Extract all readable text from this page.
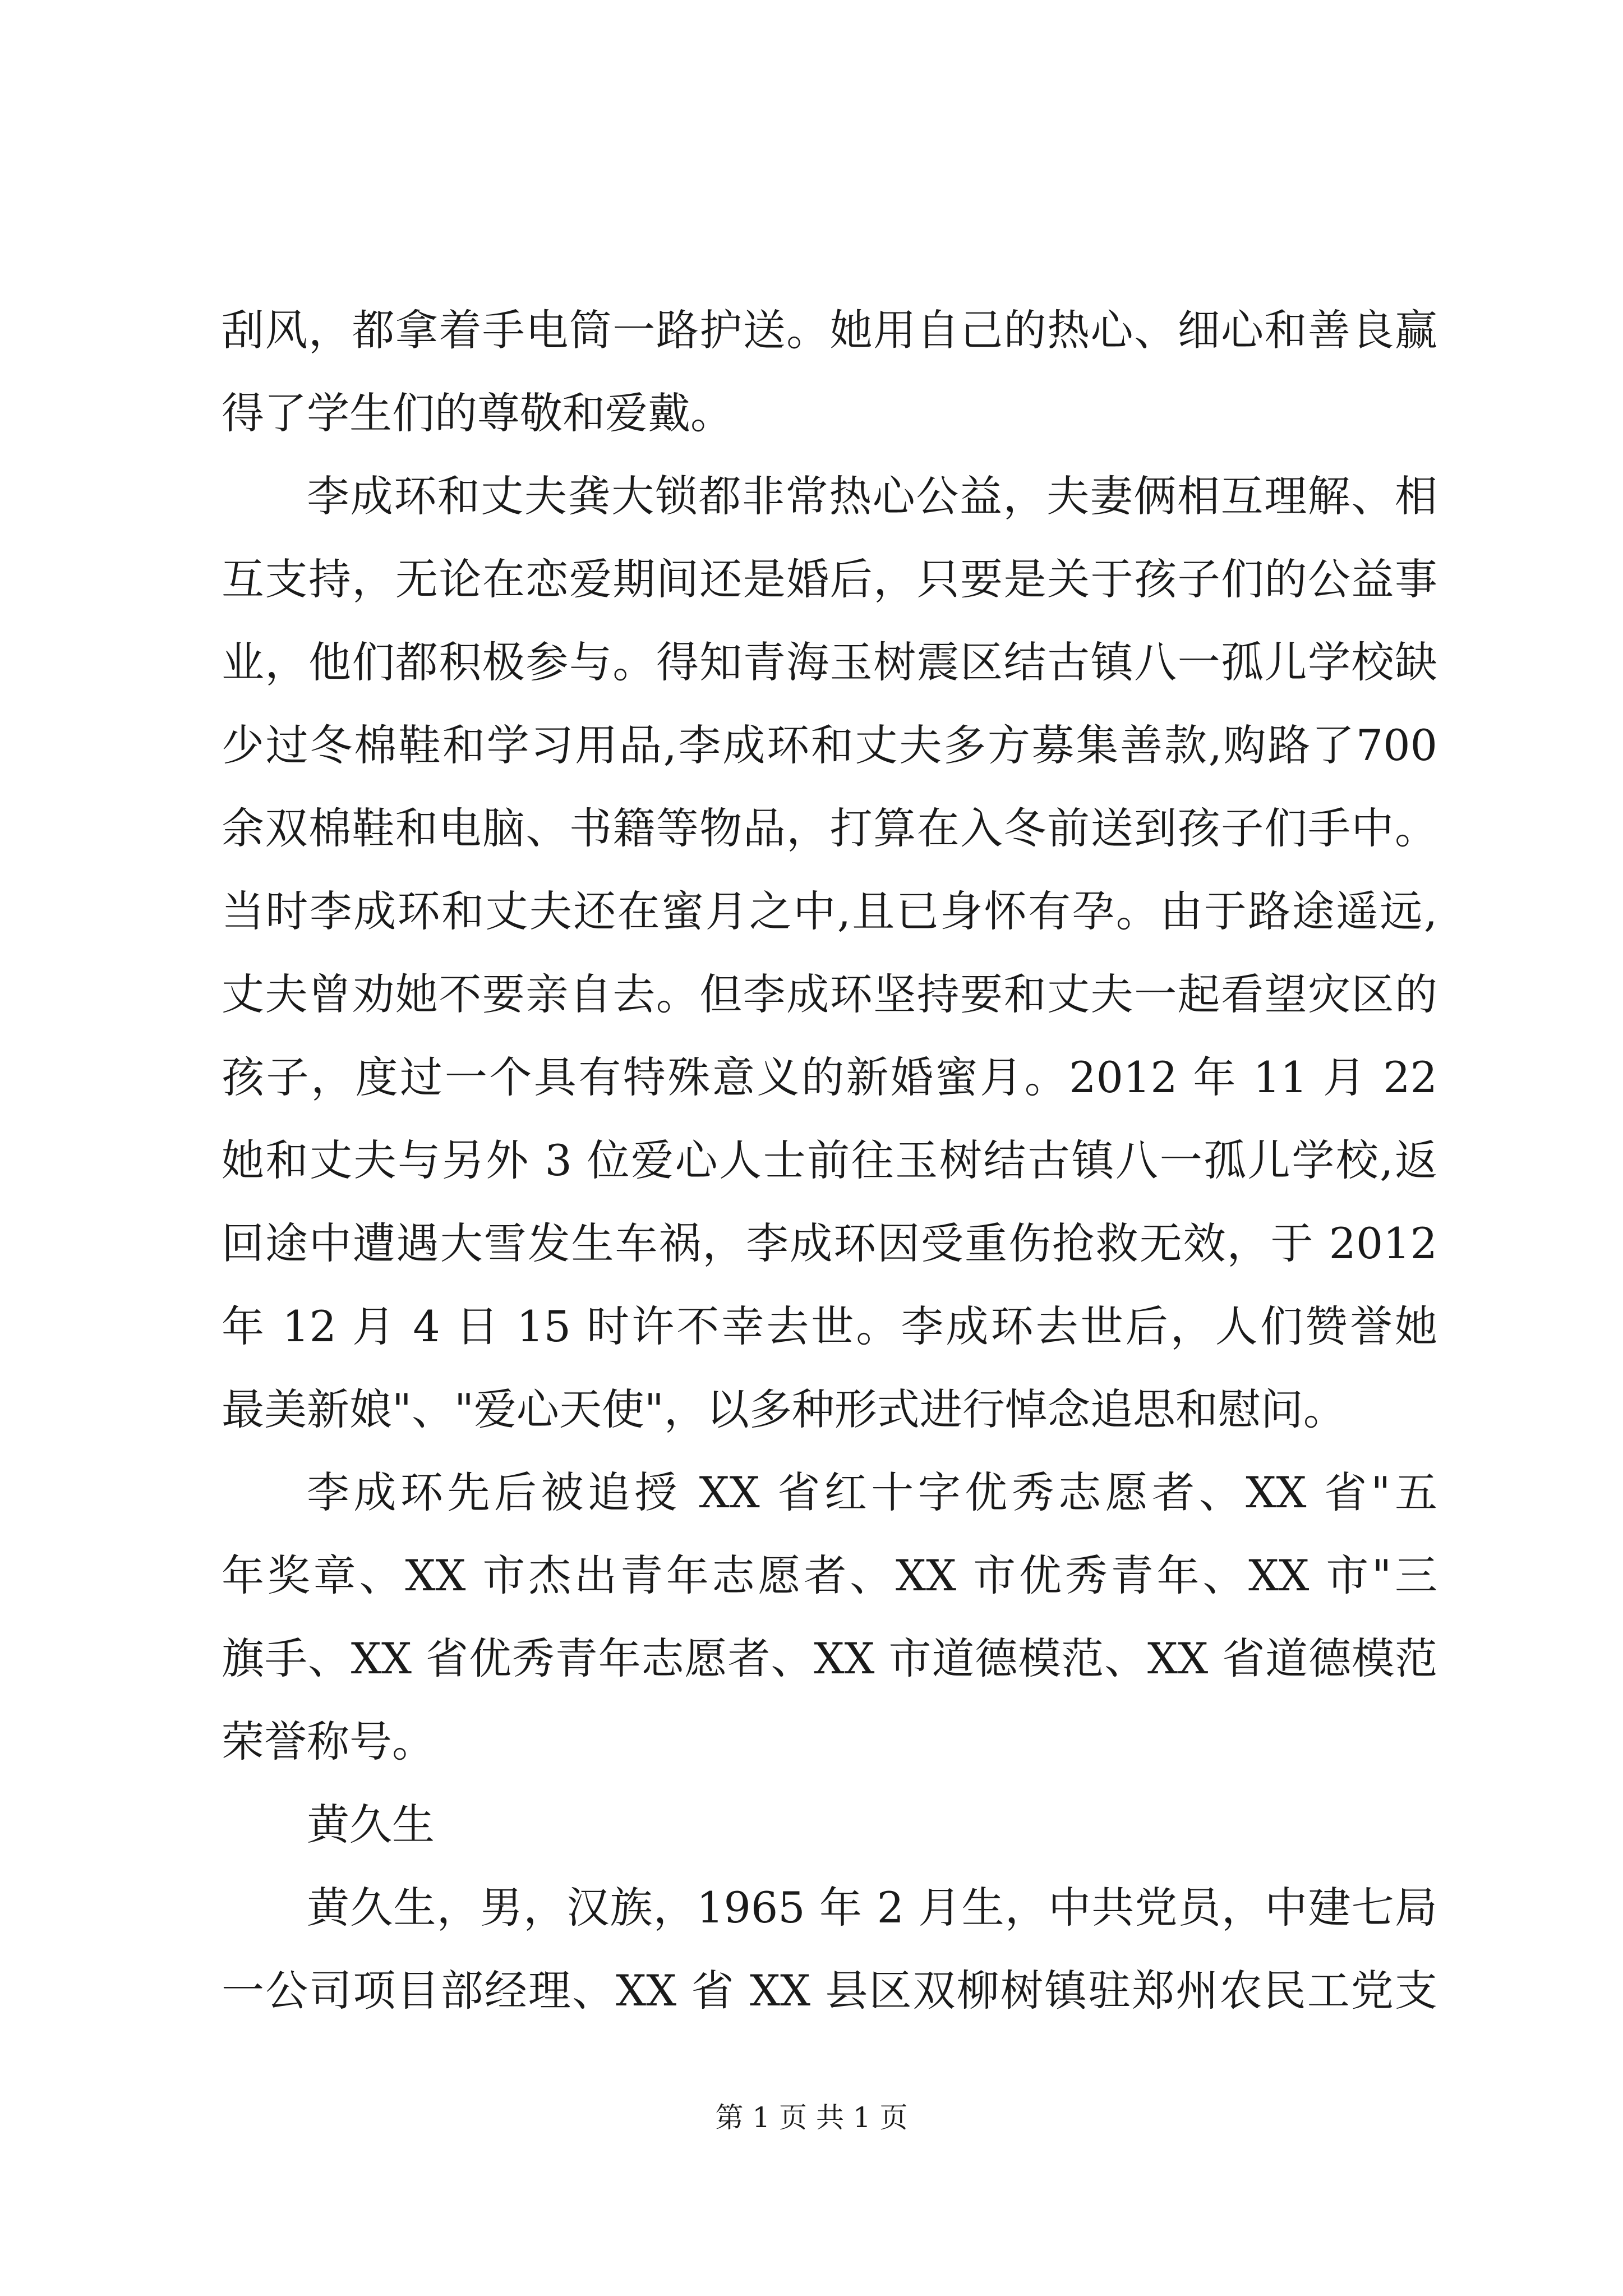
刮风，都拿着手电筒一路护送。她用自己的热心、细心和善良赢
得了学生们的尊敬和爱戴。
李成环和丈夫龚大锁都非常热心公益，夫妻俩相互理解、相
互支持，无论在恋爱期间还是婚后，只要是关于孩子们的公益事
业，他们都积极参与。得知青海玉树震区结古镇八一孤儿学校缺
少过冬棉鞋和学习用品,李成环和丈夫多方募集善款,购路了700
余双棉鞋和电脑、书籍等物品，打算在入冬前送到孩子们手中。
当时李成环和丈夫还在蜜月之中,且已身怀有孕。由于路途遥远,
丈夫曾劝她不要亲自去。但李成环坚持要和丈夫一起看望灾区的
孩子，度过一个具有特殊意义的新婚蜜月。2012 年 11 月 22
她和丈夫与另外 3 位爱心人士前往玉树结古镇八一孤儿学校,返
回途中遭遇大雪发生车祸，李成环因受重伤抢救无效，于 2012
年 12 月 4 日 15 时许不幸去世。李成环去世后，人们赞誉她
最美新娘"、"爱心天使"，以多种形式进行悼念追思和慰问。
李成环先后被追授 XX 省红十字优秀志愿者、XX 省"五
年奖章、XX 市杰出青年志愿者、XX 市优秀青年、XX 市"三
旗手、XX 省优秀青年志愿者、XX 市道德模范、XX 省道德模范
荣誉称号。
黄久生
黄久生，男，汉族，1965 年 2 月生，中共党员，中建七局
一公司项目部经理、XX 省 XX 县区双柳树镇驻郑州农民工党支
第 1 页 共 1 页
